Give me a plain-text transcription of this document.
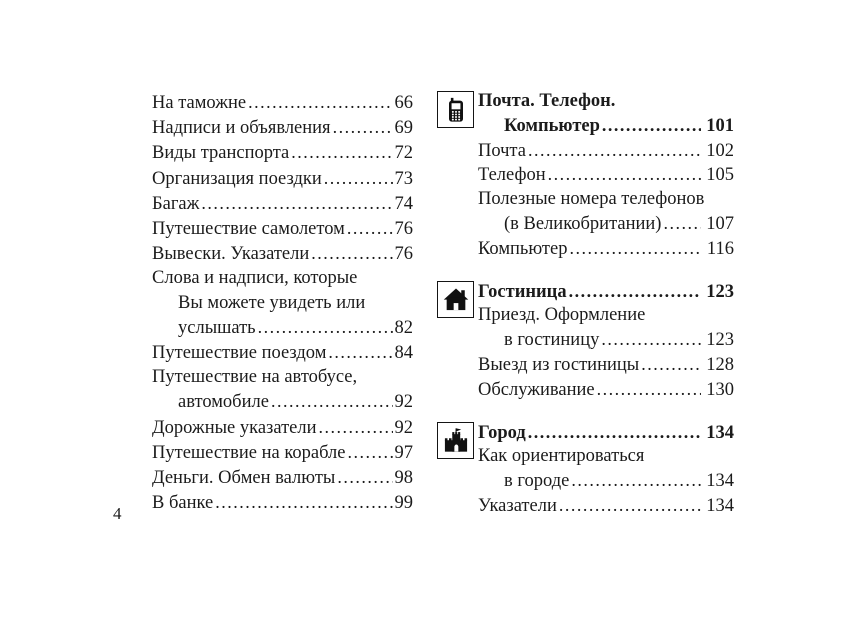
На таможне .....	66
Надписи и объявления .....	69
Виды транспорта .....	72
Организация поездки .....	73
Багаж .....	74
Путешествие самолетом .....	76
Вывески. Указатели .....	76
Слова и надписи, которые
Вы можете увидеть или
услышать .....	82
Путешествие поездом .....	84
Путешествие на автобусе,
автомобиле .....	92
Дорожные указатели .....	92
Путешествие на корабле .....	97
Деньги. Обмен валюты .....	98
В банке .....	99
Почта. Телефон.
Компьютер .....	101
Почта .....	102
Телефон .....	105
Полезные номера телефонов
(в Великобритании) ..... 107
Компьютер .....	116
Гостиница .....	123
Приезд. Оформление
в гостиницу .....	123
Выезд из гостиницы .....	128
Обслуживание .....	130
Город .....	134
Как ориентироваться
в городе .....	134
Указатели .....	134
4
